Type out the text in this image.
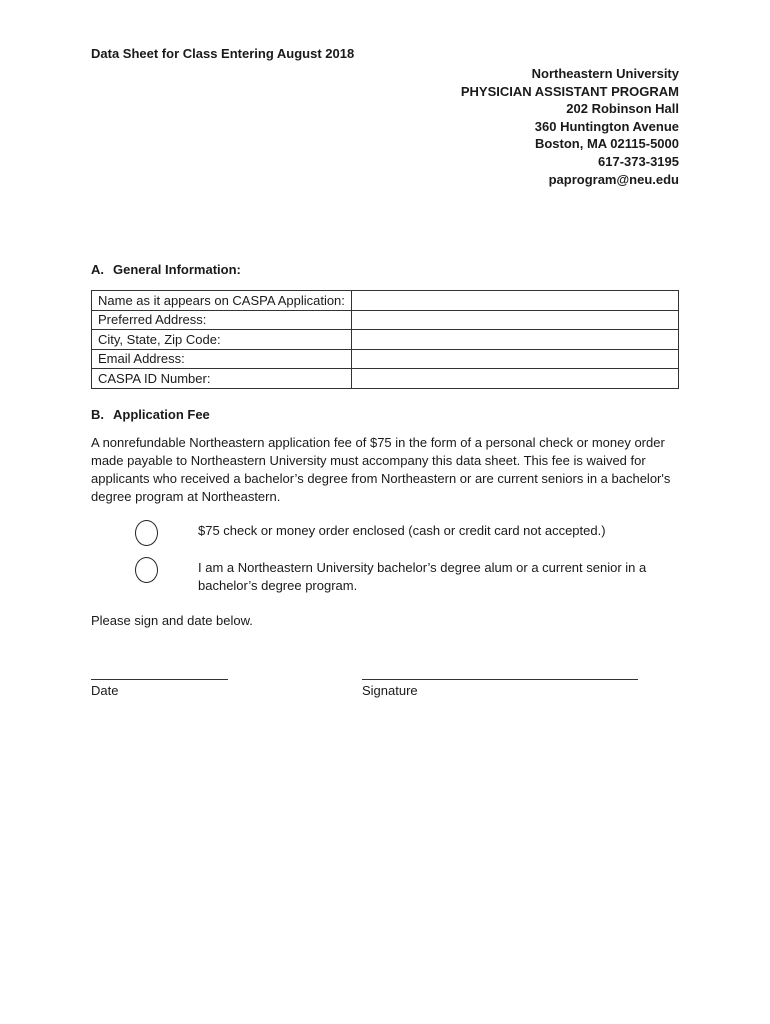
Data Sheet for Class Entering August 2018
Northeastern University
PHYSICIAN ASSISTANT PROGRAM
202 Robinson Hall
360 Huntington Avenue
Boston, MA 02115-5000
617-373-3195
paprogram@neu.edu
A. General Information:
Name as it appears on CASPA Application:	
Preferred Address:	
City, State, Zip Code:	
Email Address:	
CASPA ID Number:	
B. Application Fee
A nonrefundable Northeastern application fee of $75 in the form of a personal check or money order made payable to Northeastern University must accompany this data sheet. This fee is waived for applicants who received a bachelor’s degree from Northeastern or are current seniors in a bachelor's degree program at Northeastern.
$75 check or money order enclosed (cash or credit card not accepted.)
I am a Northeastern University bachelor’s degree alum or a current senior in a bachelor’s degree program.
Please sign and date below.
Date	Signature
